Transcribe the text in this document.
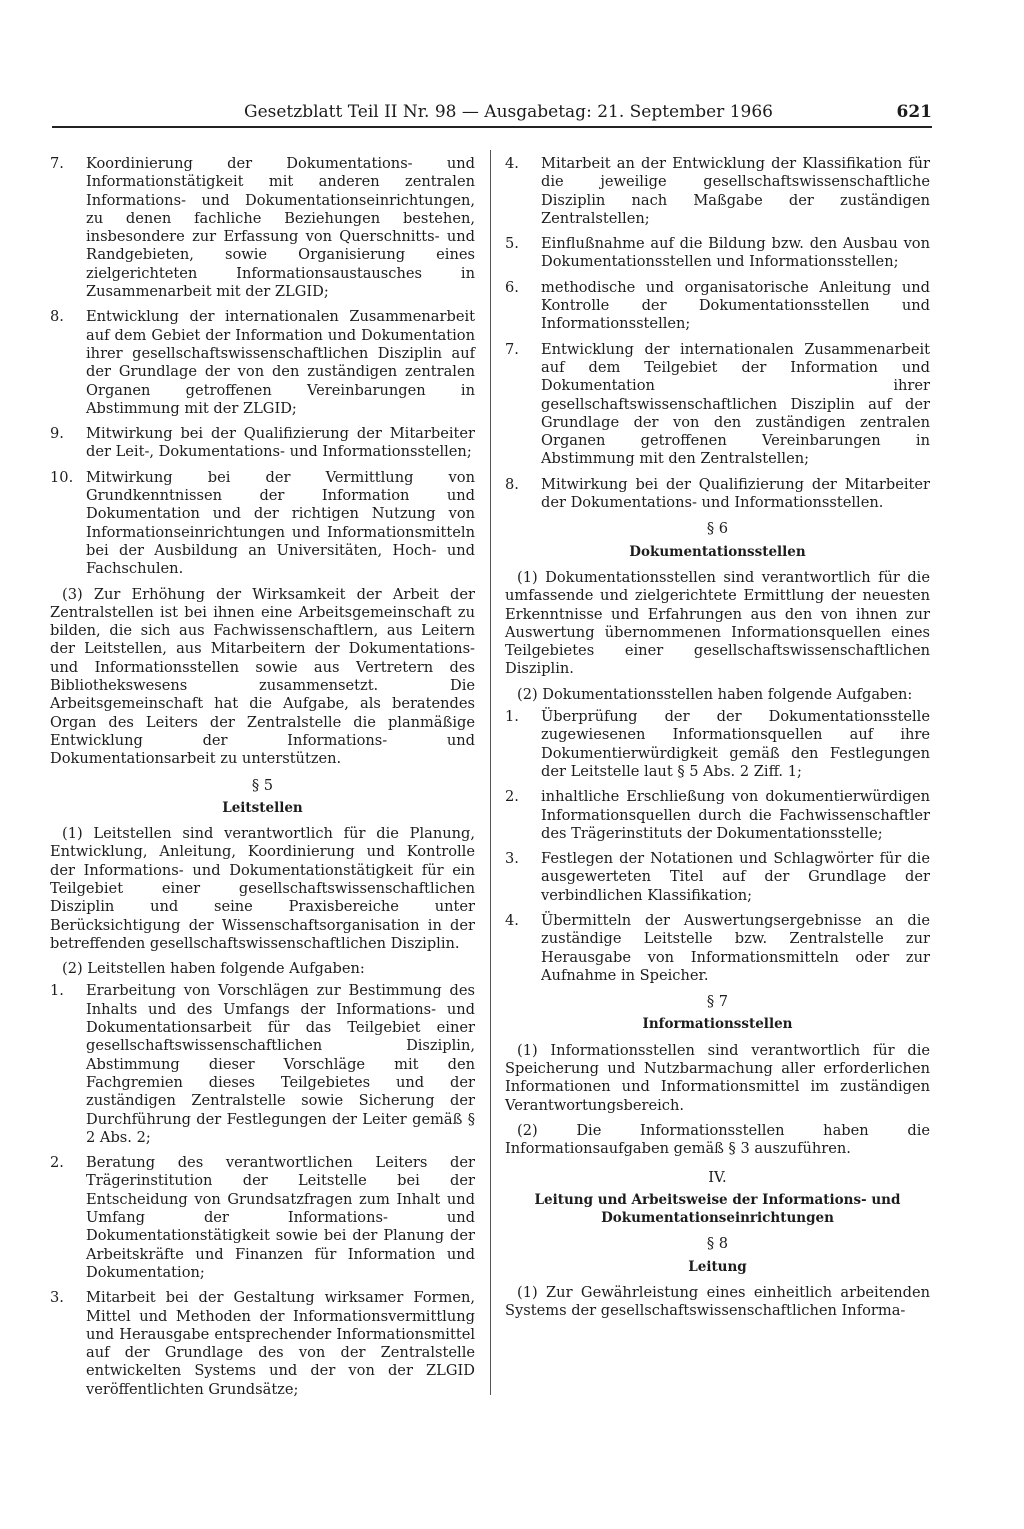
Gesetzblatt Teil II Nr. 98 — Ausgabetag: 21. September 1966	621
7.	Koordinierung der Dokumentations- und Informationstätigkeit mit anderen zentralen Informations- und Dokumentationseinrichtungen, zu denen fachliche Beziehungen bestehen, insbesondere zur Erfassung von Querschnitts- und Randgebieten, sowie Organisierung eines zielgerichteten Informationsaustausches in Zusammenarbeit mit der ZLGID;
8.	Entwicklung der internationalen Zusammenarbeit auf dem Gebiet der Information und Dokumentation ihrer gesellschaftswissenschaftlichen Disziplin auf der Grundlage der von den zuständigen zentralen Organen getroffenen Vereinbarungen in Abstimmung mit der ZLGID;
9.	Mitwirkung bei der Qualifizierung der Mitarbeiter der Leit-, Dokumentations- und Informationsstellen;
10. Mitwirkung bei der Vermittlung von Grundkenntnissen der Information und Dokumentation und der richtigen Nutzung von Informationseinrichtungen und Informationsmitteln bei der Ausbildung an Universitäten, Hoch- und Fachschulen.

(3) Zur Erhöhung der Wirksamkeit der Arbeit der Zentralstellen ist bei ihnen eine Arbeitsgemeinschaft zu bilden, die sich aus Fachwissenschaftlern, aus Leitern der Leitstellen, aus Mitarbeitern der Dokumentations- und Informationsstellen sowie aus Vertretern des Bibliothekswesens zusammensetzt. Die Arbeitsgemeinschaft hat die Aufgabe, als beratendes Organ des Leiters der Zentralstelle die planmäßige Entwicklung der Informations- und Dokumentationsarbeit zu unterstützen.

§ 5
Leitstellen

(1) Leitstellen sind verantwortlich für die Planung, Entwicklung, Anleitung, Koordinierung und Kontrolle der Informations- und Dokumentationstätigkeit für ein Teilgebiet einer gesellschaftswissenschaftlichen Disziplin und seine Praxisbereiche unter Berücksichtigung der Wissenschaftsorganisation in der betreffenden gesellschaftswissenschaftlichen Disziplin.

(2) Leitstellen haben folgende Aufgaben:

1.	Erarbeitung von Vorschlägen zur Bestimmung des Inhalts und des Umfangs der Informations- und Dokumentationsarbeit für das Teilgebiet einer gesellschaftswissenschaftlichen Disziplin, Abstimmung dieser Vorschläge mit den Fachgremien dieses Teilgebietes und der zuständigen Zentralstelle sowie Sicherung der Durchführung der Festlegungen der Leiter gemäß § 2 Abs. 2;
2.	Beratung des verantwortlichen Leiters der Trägerinstitution der Leitstelle bei der Entscheidung von Grundsatzfragen zum Inhalt und Umfang der Informations- und Dokumentationstätigkeit sowie bei der Planung der Arbeitskräfte und Finanzen für Information und Dokumentation;
3.	Mitarbeit bei der Gestaltung wirksamer Formen, Mittel und Methoden der Informationsvermittlung und Herausgabe entsprechender Informationsmittel auf der Grundlage des von der Zentralstelle entwickelten Systems und der von der ZLGID veröffentlichten Grundsätze;
4.	Mitarbeit an der Entwicklung der Klassifikation für die jeweilige gesellschaftswissenschaftliche Disziplin nach Maßgabe der zuständigen Zentralstellen;
5.	Einflußnahme auf die Bildung bzw. den Ausbau von Dokumentationsstellen und Informationsstellen;
6.	methodische und organisatorische Anleitung und Kontrolle der Dokumentationsstellen und Informationsstellen;
7.	Entwicklung der internationalen Zusammenarbeit auf dem Teilgebiet der Information und Dokumentation ihrer gesellschaftswissenschaftlichen Disziplin auf der Grundlage der von den zuständigen zentralen Organen getroffenen Vereinbarungen in Abstimmung mit den Zentralstellen;
8.	Mitwirkung bei der Qualifizierung der Mitarbeiter der Dokumentations- und Informationsstellen.
§ 6
Dokumentationsstellen

(1) Dokumentationsstellen sind verantwortlich für die umfassende und zielgerichtete Ermittlung der neuesten Erkenntnisse und Erfahrungen aus den von ihnen zur Auswertung übernommenen Informationsquellen eines Teilgebietes einer gesellschaftswissenschaftlichen Disziplin.

(2) Dokumentationsstellen haben folgende Aufgaben:

1.	Überprüfung der der Dokumentationsstelle zugewiesenen Informationsquellen auf ihre Dokumentierwürdigkeit gemäß den Festlegungen der Leitstelle laut § 5 Abs. 2 Ziff. 1;
2.	inhaltliche Erschließung von dokumentierwürdigen Informationsquellen durch die Fachwissenschaftler des Trägerinstituts der Dokumentationsstelle;
3.	Festlegen der Notationen und Schlagwörter für die ausgewerteten Titel auf der Grundlage der verbindlichen Klassifikation;
4.	Übermitteln der Auswertungsergebnisse an die zuständige Leitstelle bzw. Zentralstelle zur Herausgabe von Informationsmitteln oder zur Aufnahme in Speicher.
§ 7
Informationsstellen

(1) Informationsstellen sind verantwortlich für die Speicherung und Nutzbarmachung aller erforderlichen Informationen und Informationsmittel im zuständigen Verantwortungsbereich.

(2) Die Informationsstellen haben die Informationsaufgaben gemäß § 3 auszuführen.

IV.
Leitung und Arbeitsweise der Informations- und Dokumentationseinrichtungen
§ 8
Leitung

(1) Zur Gewährleistung eines einheitlich arbeitenden Systems der gesellschaftswissenschaftlichen Informa-
